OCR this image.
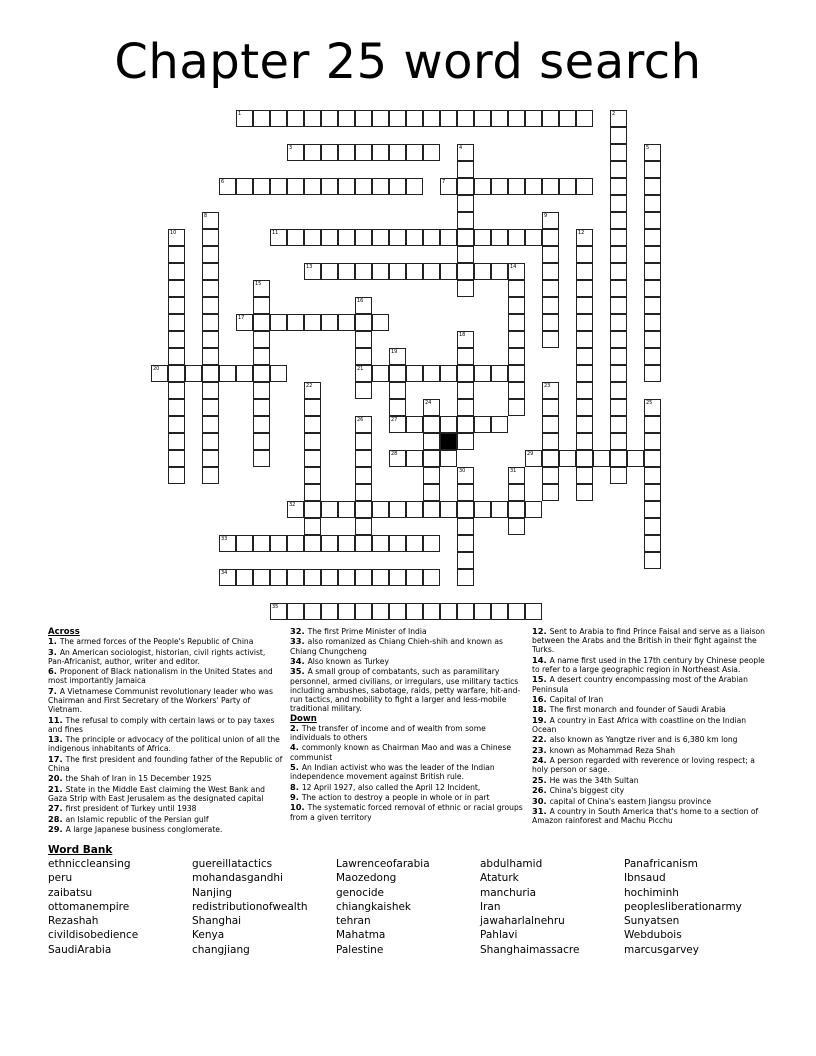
Chapter 25 word search
1	2
3	4	5
6	7
8	9
10	11	12
13	14
15
16
21
17
18
19
27
20
22	23
24	25
26
28	29
30	31
32
33
34
35
Across
1. The armed forces of the People's Republic of China
3. An American sociologist, historian, civil rights activist, Pan-Africanist, author, writer and editor.
6. Proponent of Black nationalism in the United States and most importantly Jamaica
7. A Vietnamese Communist revolutionary leader who was Chairman and First Secretary of the Workers' Party of Vietnam.
11. The refusal to comply with certain laws or to pay taxes and fines
13. The principle or advocacy of the political union of all the indigenous inhabitants of Africa.
17. The first president and founding father of the Republic of China
20. the Shah of Iran in 15 December 1925
21. State in the Middle East claiming the West Bank and Gaza Strip with East Jerusalem as the designated capital
27. first president of Turkey until 1938
28. an Islamic republic of the Persian gulf
29. A large Japanese business conglomerate.
32. The first Prime Minister of India
33. also romanized as Chiang Chieh-shih and known as Chiang Chungcheng
34. Also known as Turkey
35. A small group of combatants, such as paramilitary personnel, armed civilians, or irregulars, use military tactics including ambushes, sabotage, raids, petty warfare, hit-and-run tactics, and mobility to fight a larger and less-mobile traditional military.
Down
2. The transfer of income and of wealth from some individuals to others
4. commonly known as Chairman Mao and was a Chinese communist
5. An Indian activist who was the leader of the Indian independence movement against British rule.
8. 12 April 1927, also called the April 12 Incident,
9. The action to destroy a people in whole or in part
10. The systematic forced removal of ethnic or racial groups from a given territory
12. Sent to Arabia to find Prince Faisal and serve as a liaison between the Arabs and the British in their fight against the Turks.
14. A name first used in the 17th century by Chinese people to refer to a large geographic region in Northeast Asia.
15. A desert country encompassing most of the Arabian Peninsula
16. Capital of Iran
18. The first monarch and founder of Saudi Arabia
19. A country in East Africa with coastline on the Indian Ocean
22. also known as Yangtze river and is 6,380 km long
23. known as Mohammad Reza Shah
24. A person regarded with reverence or loving respect; a holy person or sage.
25. He was the 34th Sultan
26. China's biggest city
30. capital of China's eastern Jiangsu province
31. A country in South America that's home to a section of Amazon rainforest and Machu Picchu
Word Bank
ethniccleansing
peru
zaibatsu
ottomanempire
Rezashah
civildisobedience
SaudiArabia
guereillatactics
mohandasgandhi
Nanjing
redistributionofwealth
Shanghai
Kenya
changjiang
Lawrenceofarabia
Maozedong
genocide
chiangkaishek
tehran
Mahatma
Palestine
abdulhamid
Ataturk
manchuria
Iran
jawaharlalnehru
Pahlavi
Shanghaimassacre
Panafricanism
Ibnsaud
hochiminh
peoplesliberationarmy
Sunyatsen
Webdubois
marcusgarvey
